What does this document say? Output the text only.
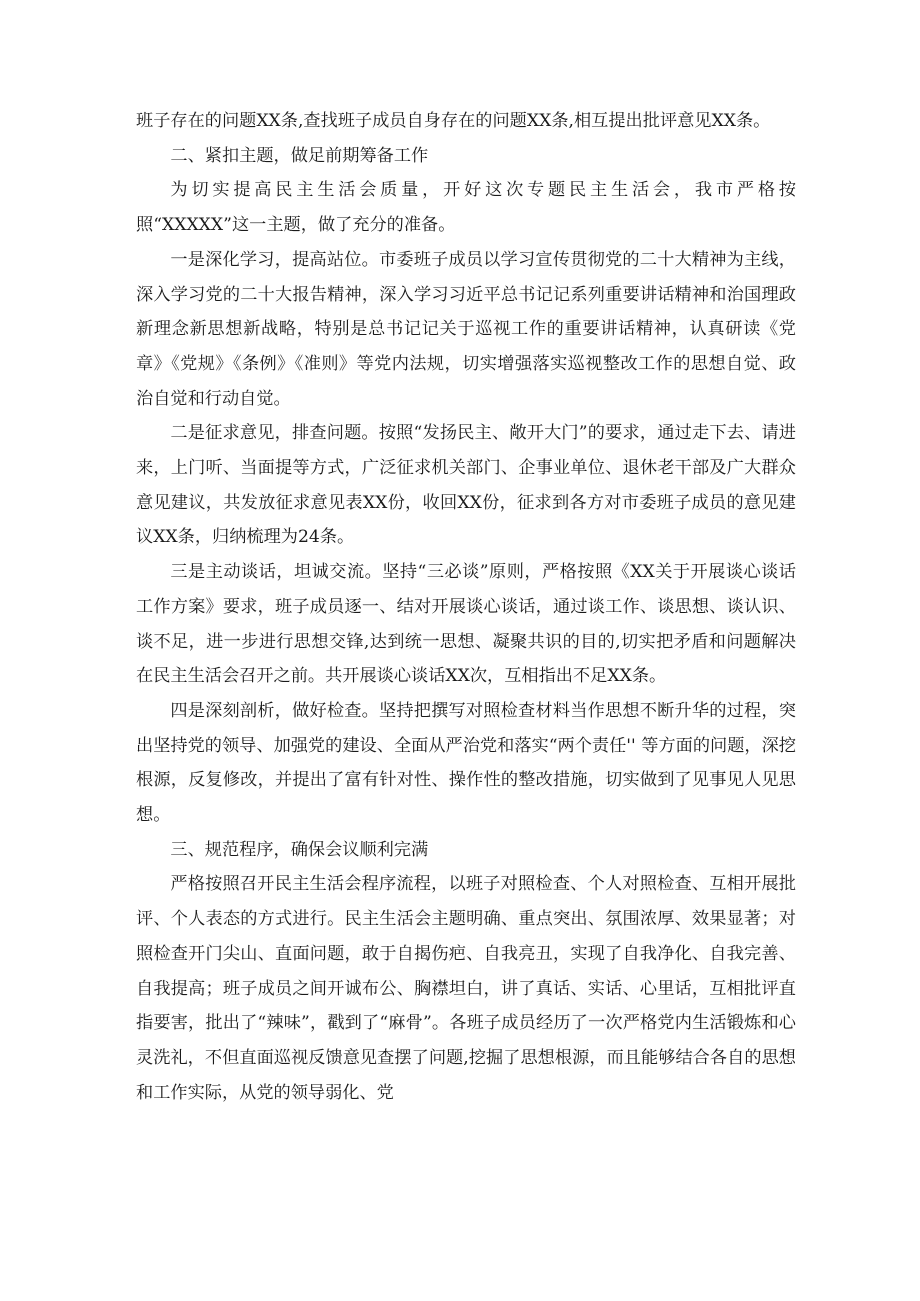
班子存在的问题XX条,查找班子成员自身存在的问题XX条,相互提出批评意见XX条。

二、紧扣主题，做足前期筹备工作

为切实提高民主生活会质量，开好这次专题民主生活会，我市严格按照“XXXXX”这一主题，做了充分的准备。

一是深化学习，提高站位。市委班子成员以学习宣传贯彻党的二十大精神为主线，深入学习党的二十大报告精神，深入学习习近平总书记记系列重要讲话精神和治国理政新理念新思想新战略，特别是总书记记关于巡视工作的重要讲话精神，认真研读《党章》《党规》《条例》《准则》等党内法规，切实增强落实巡视整改工作的思想自觉、政治自觉和行动自觉。

二是征求意见，排查问题。按照“发扬民主、敞开大门”的要求，通过走下去、请进来，上门听、当面提等方式，广泛征求机关部门、企事业单位、退休老干部及广大群众意见建议，共发放征求意见表XX份，收回XX份，征求到各方对市委班子成员的意见建议XX条，归纳梳理为24条。

三是主动谈话，坦诚交流。坚持“三必谈”原则，严格按照《XX关于开展谈心谈话工作方案》要求，班子成员逐一、结对开展谈心谈话，通过谈工作、谈思想、谈认识、谈不足，进一步进行思想交锋,达到统一思想、凝聚共识的目的,切实把矛盾和问题解决在民主生活会召开之前。共开展谈心谈话XX次，互相指出不足XX条。

四是深刻剖析，做好检查。坚持把撰写对照检查材料当作思想不断升华的过程，突出坚持党的领导、加强党的建设、全面从严治党和落实“两个责任'' 等方面的问题，深挖根源，反复修改，并提出了富有针对性、操作性的整改措施，切实做到了见事见人见思想。

三、规范程序，确保会议顺利完满

严格按照召开民主生活会程序流程，以班子对照检查、个人对照检查、互相开展批评、个人表态的方式进行。民主生活会主题明确、重点突出、氛围浓厚、效果显著；对照检查开门尖山、直面问题，敢于自揭伤疤、自我亮丑，实现了自我净化、自我完善、自我提高；班子成员之间开诚布公、胸襟坦白，讲了真话、实话、心里话，互相批评直指要害，批出了“辣味”，戳到了“麻骨”。各班子成员经历了一次严格党内生活锻炼和心灵洗礼，不但直面巡视反馈意见查摆了问题,挖掘了思想根源，而且能够结合各自的思想和工作实际，从党的领导弱化、党
